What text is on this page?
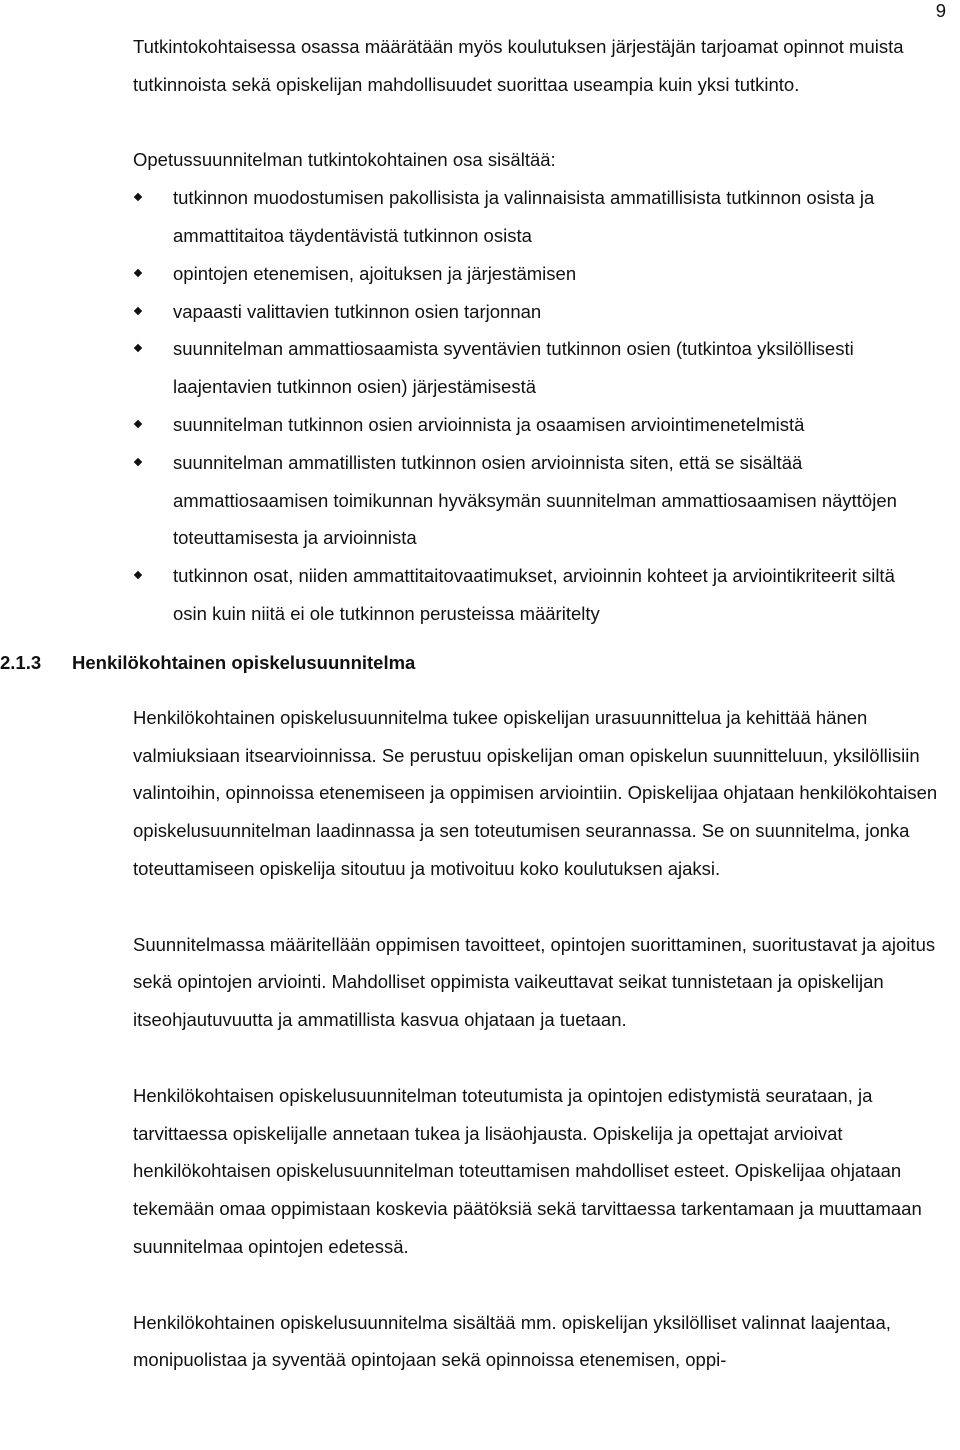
9

Tutkintokohtaisessa osassa määrätään myös koulutuksen järjestäjän tarjoamat opinnot muista tutkinnoista sekä opiskelijan mahdollisuudet suorittaa useampia kuin yksi tutkinto.

Opetussuunnitelman tutkintokohtainen osa sisältää:

tutkinnon muodostumisen pakollisista ja valinnaisista ammatillisista tutkinnon osista ja ammattitaitoa täydentävistä tutkinnon osista
opintojen etenemisen, ajoituksen ja järjestämisen
vapaasti valittavien tutkinnon osien tarjonnan
suunnitelman ammattiosaamista syventävien tutkinnon osien (tutkintoa yksilöllisesti laajentavien tutkinnon osien) järjestämisestä
suunnitelman tutkinnon osien arvioinnista ja osaamisen arviointimenetelmistä
suunnitelman ammatillisten tutkinnon osien arvioinnista siten, että se sisältää ammattiosaamisen toimikunnan hyväksymän suunnitelman ammattiosaamisen näyttöjen toteuttamisesta ja arvioinnista
tutkinnon osat, niiden ammattitaitovaatimukset, arvioinnin kohteet ja arviointikriteerit siltä osin kuin niitä ei ole tutkinnon perusteissa määritelty
2.1.3 Henkilökohtainen opiskelusuunnitelma

Henkilökohtainen opiskelusuunnitelma tukee opiskelijan urasuunnittelua ja kehittää hänen valmiuksiaan itsearvioinnissa. Se perustuu opiskelijan oman opiskelun suunnitteluun, yksilöllisiin valintoihin, opinnoissa etenemiseen ja oppimisen arviointiin. Opiskelijaa ohjataan henkilökohtaisen opiskelusuunnitelman laadinnassa ja sen toteutumisen seurannassa. Se on suunnitelma, jonka toteuttamiseen opiskelija sitoutuu ja motivoituu koko koulutuksen ajaksi.

Suunnitelmassa määritellään oppimisen tavoitteet, opintojen suorittaminen, suoritustavat ja ajoitus sekä opintojen arviointi. Mahdolliset oppimista vaikeuttavat seikat tunnistetaan ja opiskelijan itseohjautuvuutta ja ammatillista kasvua ohjataan ja tuetaan.

Henkilökohtaisen opiskelusuunnitelman toteutumista ja opintojen edistymistä seurataan, ja tarvittaessa opiskelijalle annetaan tukea ja lisäohjausta. Opiskelija ja opettajat arvioivat henkilökohtaisen opiskelusuunnitelman toteuttamisen mahdolliset esteet. Opiskelijaa ohjataan tekemään omaa oppimistaan koskevia päätöksiä sekä tarvittaessa tarkentamaan ja muuttamaan suunnitelmaa opintojen edetessä.

Henkilökohtainen opiskelusuunnitelma sisältää mm. opiskelijan yksilölliset valinnat laajentaa, monipuolistaa ja syventää opintojaan sekä opinnoissa etenemisen, oppi-
